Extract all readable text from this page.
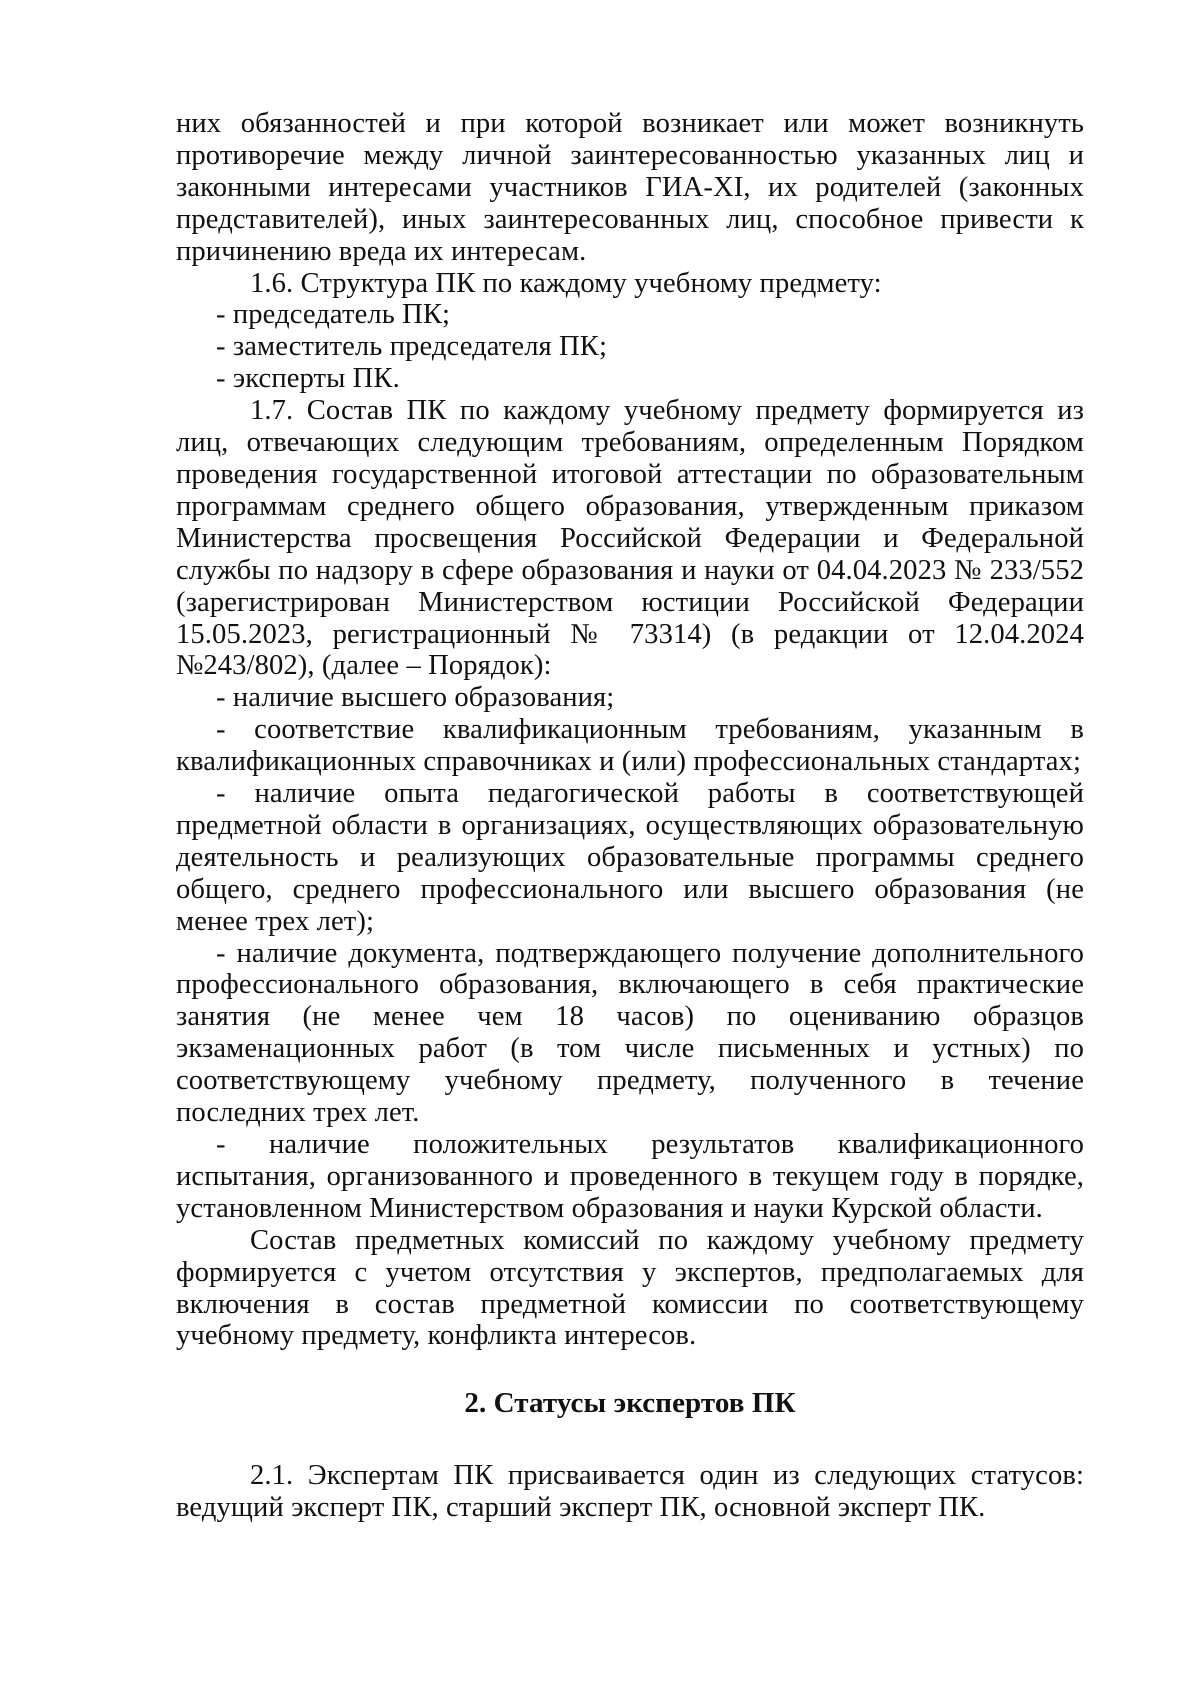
них обязанностей и при которой возникает или может возникнуть противоречие между личной заинтересованностью указанных лиц и законными интересами участников ГИА-XI, их родителей (законных представителей), иных заинтересованных лиц, способное привести к причинению вреда их интересам.

1.6. Структура ПК по каждому учебному предмету:

- председатель ПК;

- заместитель председателя ПК;

- эксперты ПК.

1.7. Состав ПК по каждому учебному предмету формируется из лиц, отвечающих следующим требованиям, определенным Порядком проведения государственной итоговой аттестации по образовательным программам среднего общего образования, утвержденным приказом Министерства просвещения Российской Федерации и Федеральной службы по надзору в сфере образования и науки от 04.04.2023 № 233/552 (зарегистрирован Министерством юстиции Российской Федерации 15.05.2023, регистрационный № 73314) (в редакции от 12.04.2024 №243/802), (далее – Порядок):

- наличие высшего образования;

- соответствие квалификационным требованиям, указанным в квалификационных справочниках и (или) профессиональных стандартах;

- наличие опыта педагогической работы в соответствующей предметной области в организациях, осуществляющих образовательную деятельность и реализующих образовательные программы среднего общего, среднего профессионального или высшего образования (не менее трех лет);

- наличие документа, подтверждающего получение дополнительного профессионального образования, включающего в себя практические занятия (не менее чем 18 часов) по оцениванию образцов экзаменационных работ (в том числе письменных и устных) по соответствующему учебному предмету, полученного в течение последних трех лет.

- наличие положительных результатов квалификационного испытания, организованного и проведенного в текущем году в порядке, установленном Министерством образования и науки Курской области.

Состав предметных комиссий по каждому учебному предмету формируется с учетом отсутствия у экспертов, предполагаемых для включения в состав предметной комиссии по соответствующему учебному предмету, конфликта интересов.

2. Статусы экспертов ПК

2.1. Экспертам ПК присваивается один из следующих статусов: ведущий эксперт ПК, старший эксперт ПК, основной эксперт ПК.
